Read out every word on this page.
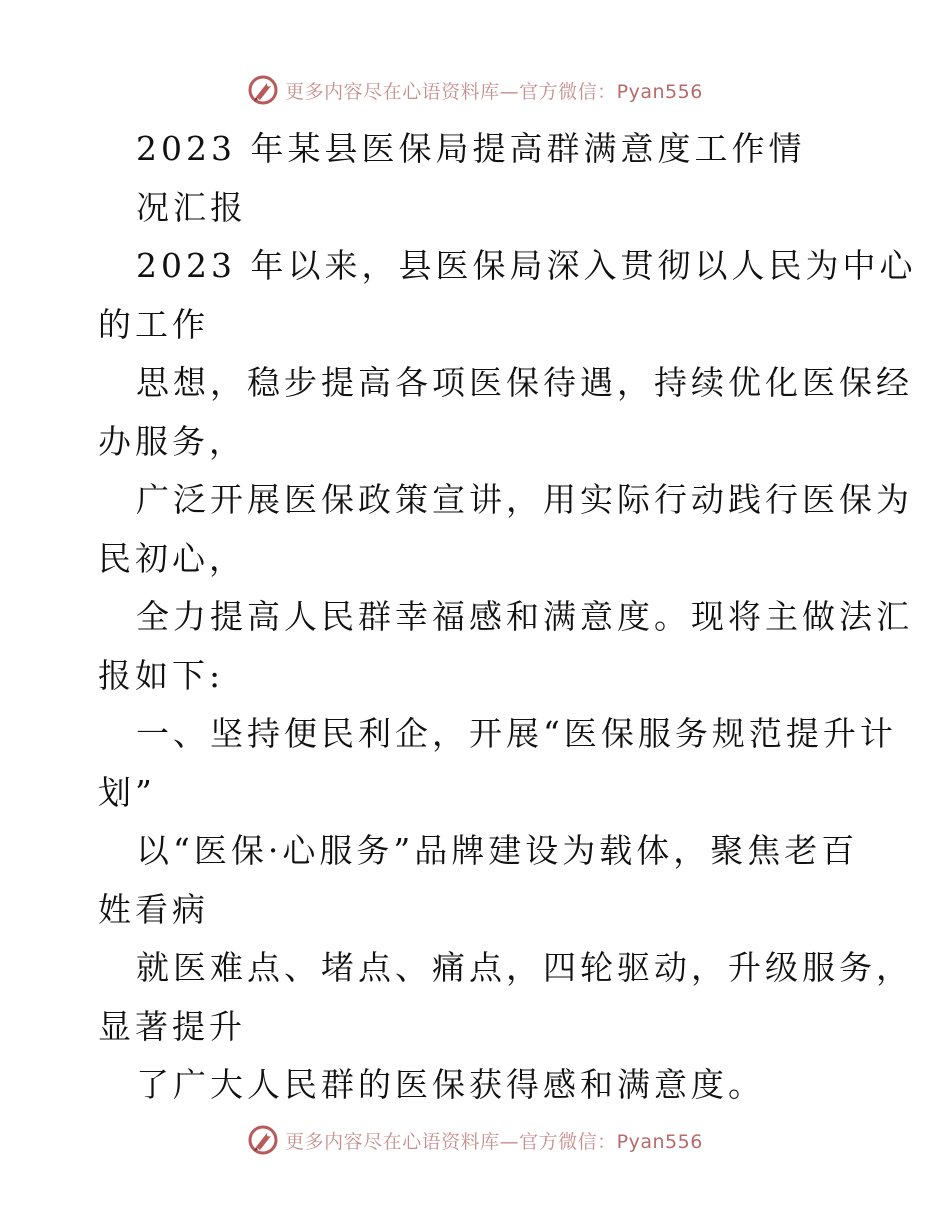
更多内容尽在心语资料库—官方微信：Pyan556
2023 年某县医保局提高群满意度工作情
况汇报
2023 年以来，县医保局深入贯彻以人民为中心
的工作
思想，稳步提高各项医保待遇，持续优化医保经
办服务，
广泛开展医保政策宣讲，用实际行动践行医保为
民初心，
全力提高人民群幸福感和满意度。现将主做法汇
报如下:
一、坚持便民利企，开展“医保服务规范提升计
划”
以“医保·心服务”品牌建设为载体，聚焦老百
姓看病
就医难点、堵点、痛点，四轮驱动，升级服务，
显著提升
了广大人民群的医保获得感和满意度。
更多内容尽在心语资料库—官方微信：Pyan556
